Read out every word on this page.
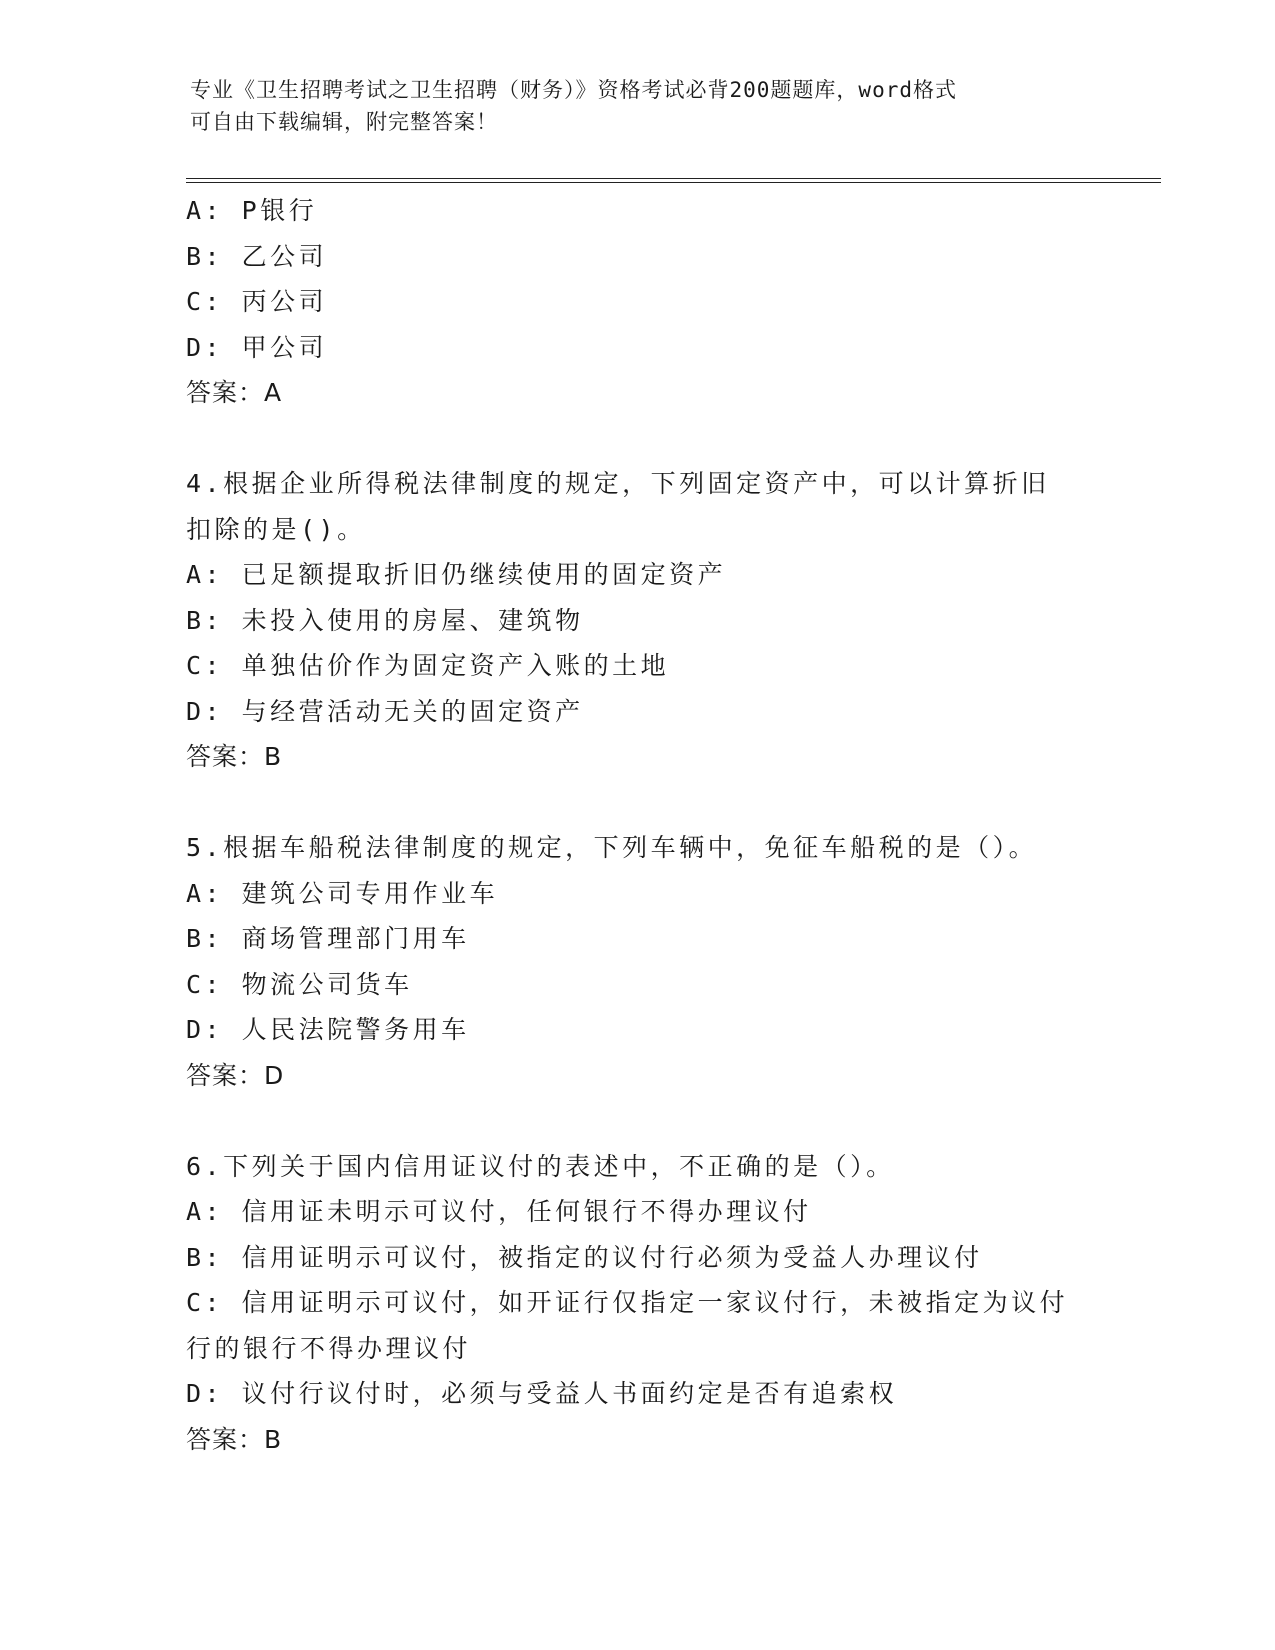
专业《卫生招聘考试之卫生招聘（财务）》资格考试必背200题题库，word格式
可自由下载编辑，附完整答案！
A: P银行
B: 乙公司
C: 丙公司
D: 甲公司
答案：A
4.根据企业所得税法律制度的规定，下列固定资产中，可以计算折旧
扣除的是()。
A: 已足额提取折旧仍继续使用的固定资产
B: 未投入使用的房屋、建筑物
C: 单独估价作为固定资产入账的土地
D: 与经营活动无关的固定资产
答案：B
5.根据车船税法律制度的规定，下列车辆中，免征车船税的是（）。
A: 建筑公司专用作业车
B: 商场管理部门用车
C: 物流公司货车
D: 人民法院警务用车
答案：D
6.下列关于国内信用证议付的表述中，不正确的是（）。
A: 信用证未明示可议付，任何银行不得办理议付
B: 信用证明示可议付，被指定的议付行必须为受益人办理议付
C: 信用证明示可议付，如开证行仅指定一家议付行，未被指定为议付
行的银行不得办理议付
D: 议付行议付时，必须与受益人书面约定是否有追索权
答案：B
